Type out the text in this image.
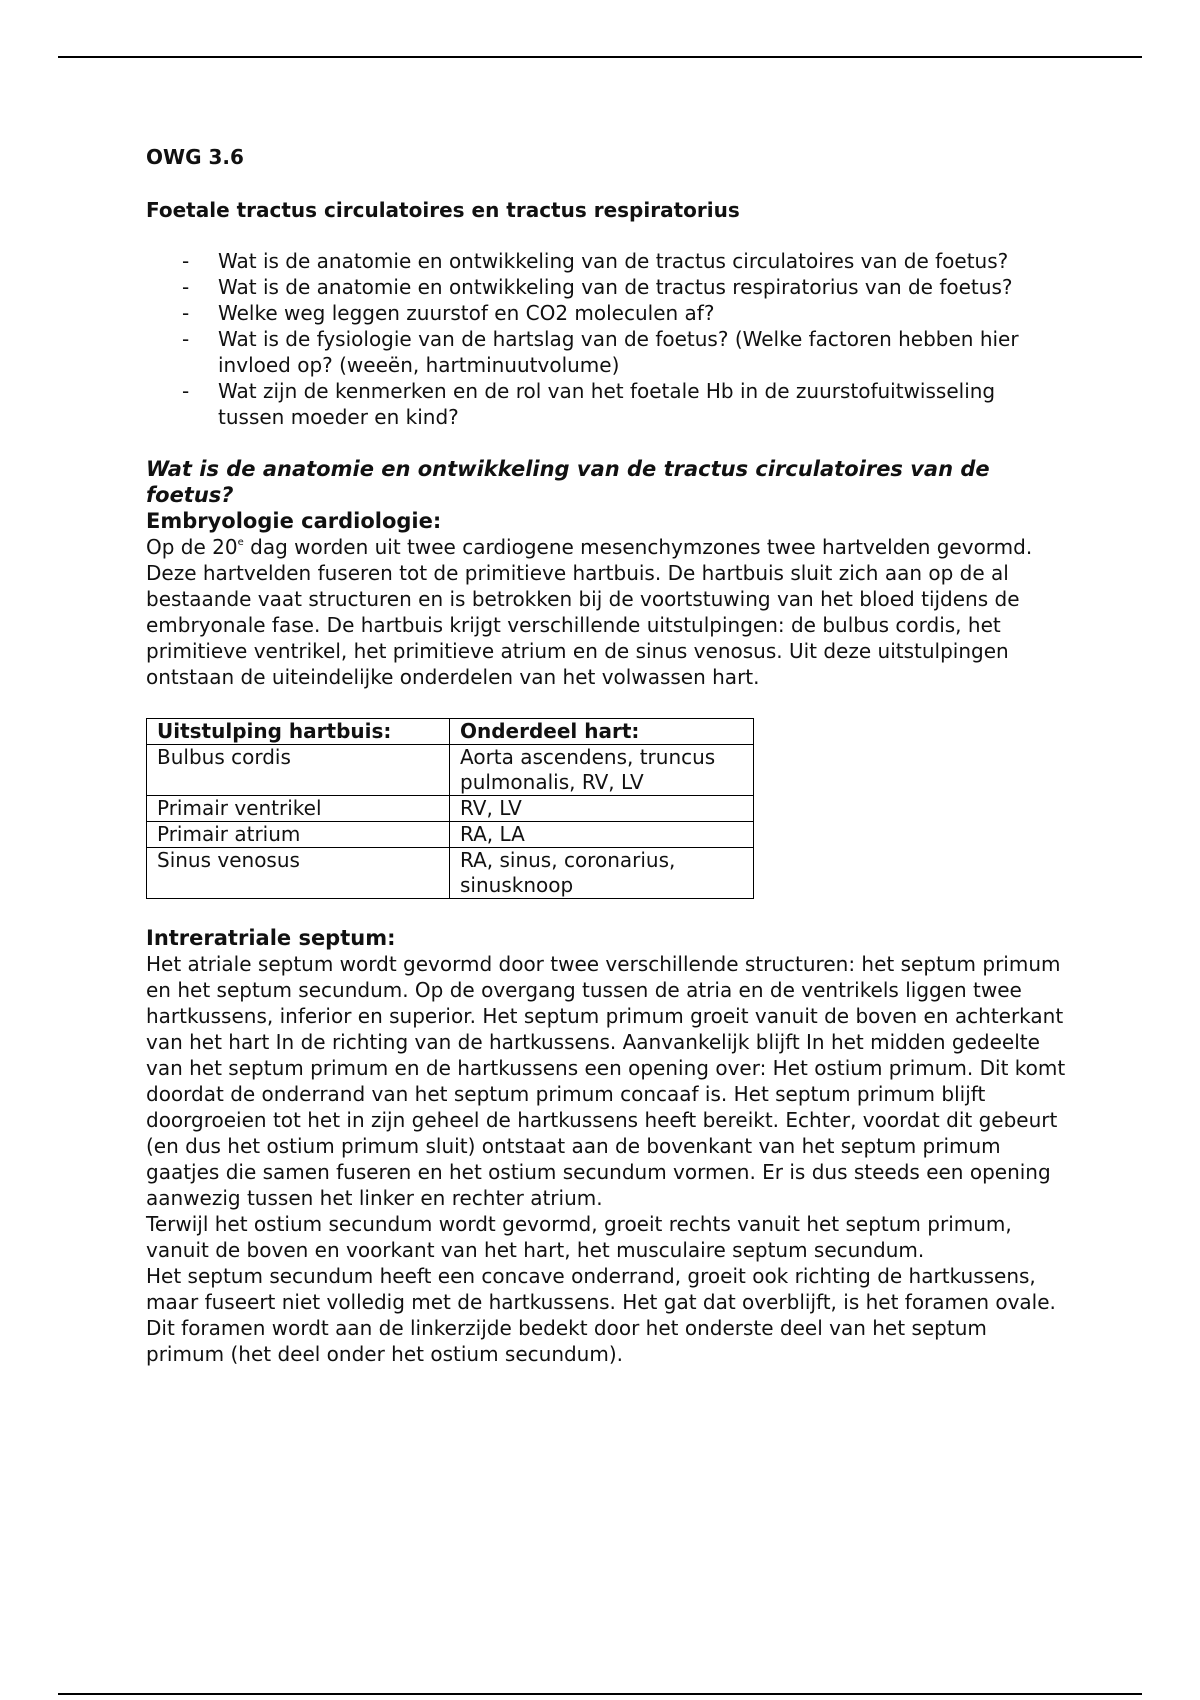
OWG 3.6
Foetale tractus circulatoires en tractus respiratorius
- Wat is de anatomie en ontwikkeling van de tractus circulatoires van de foetus?
- Wat is de anatomie en ontwikkeling van de tractus respiratorius van de foetus?
- Welke weg leggen zuurstof en CO2 moleculen af?
- Wat is de fysiologie van de hartslag van de foetus? (Welke factoren hebben hier invloed op? (weeën, hartminuutvolume)
- Wat zijn de kenmerken en de rol van het foetale Hb in de zuurstofuitwisseling tussen moeder en kind?
Wat is de anatomie en ontwikkeling van de tractus circulatoires van de foetus?
Embryologie cardiologie:

Op de 20e dag worden uit twee cardiogene mesenchymzones twee hartvelden gevormd. Deze hartvelden fuseren tot de primitieve hartbuis. De hartbuis sluit zich aan op de al bestaande vaat structuren en is betrokken bij de voortstuwing van het bloed tijdens de embryonale fase. De hartbuis krijgt verschillende uitstulpingen: de bulbus cordis, het primitieve ventrikel, het primitieve atrium en de sinus venosus. Uit deze uitstulpingen ontstaan de uiteindelijke onderdelen van het volwassen hart.

Uitstulping hartbuis:	Onderdeel hart:
Bulbus cordis	Aorta ascendens, truncus pulmonalis, RV, LV
Primair ventrikel	RV, LV
Primair atrium	RA, LA
Sinus venosus	RA, sinus, coronarius, sinusknoop
Intreratriale septum:

Het atriale septum wordt gevormd door twee verschillende structuren: het septum primum en het septum secundum. Op de overgang tussen de atria en de ventrikels liggen twee hartkussens, inferior en superior. Het septum primum groeit vanuit de boven en achterkant van het hart In de richting van de hartkussens. Aanvankelijk blijft In het midden gedeelte van het septum primum en de hartkussens een opening over: Het ostium primum. Dit komt doordat de onderrand van het septum primum concaaf is. Het septum primum blijft doorgroeien tot het in zijn geheel de hartkussens heeft bereikt. Echter, voordat dit gebeurt (en dus het ostium primum sluit) ontstaat aan de bovenkant van het septum primum gaatjes die samen fuseren en het ostium secundum vormen. Er is dus steeds een opening aanwezig tussen het linker en rechter atrium.

Terwijl het ostium secundum wordt gevormd, groeit rechts vanuit het septum primum, vanuit de boven en voorkant van het hart, het musculaire septum secundum.

Het septum secundum heeft een concave onderrand, groeit ook richting de hartkussens, maar fuseert niet volledig met de hartkussens. Het gat dat overblijft, is het foramen ovale. Dit foramen wordt aan de linkerzijde bedekt door het onderste deel van het septum primum (het deel onder het ostium secundum).
